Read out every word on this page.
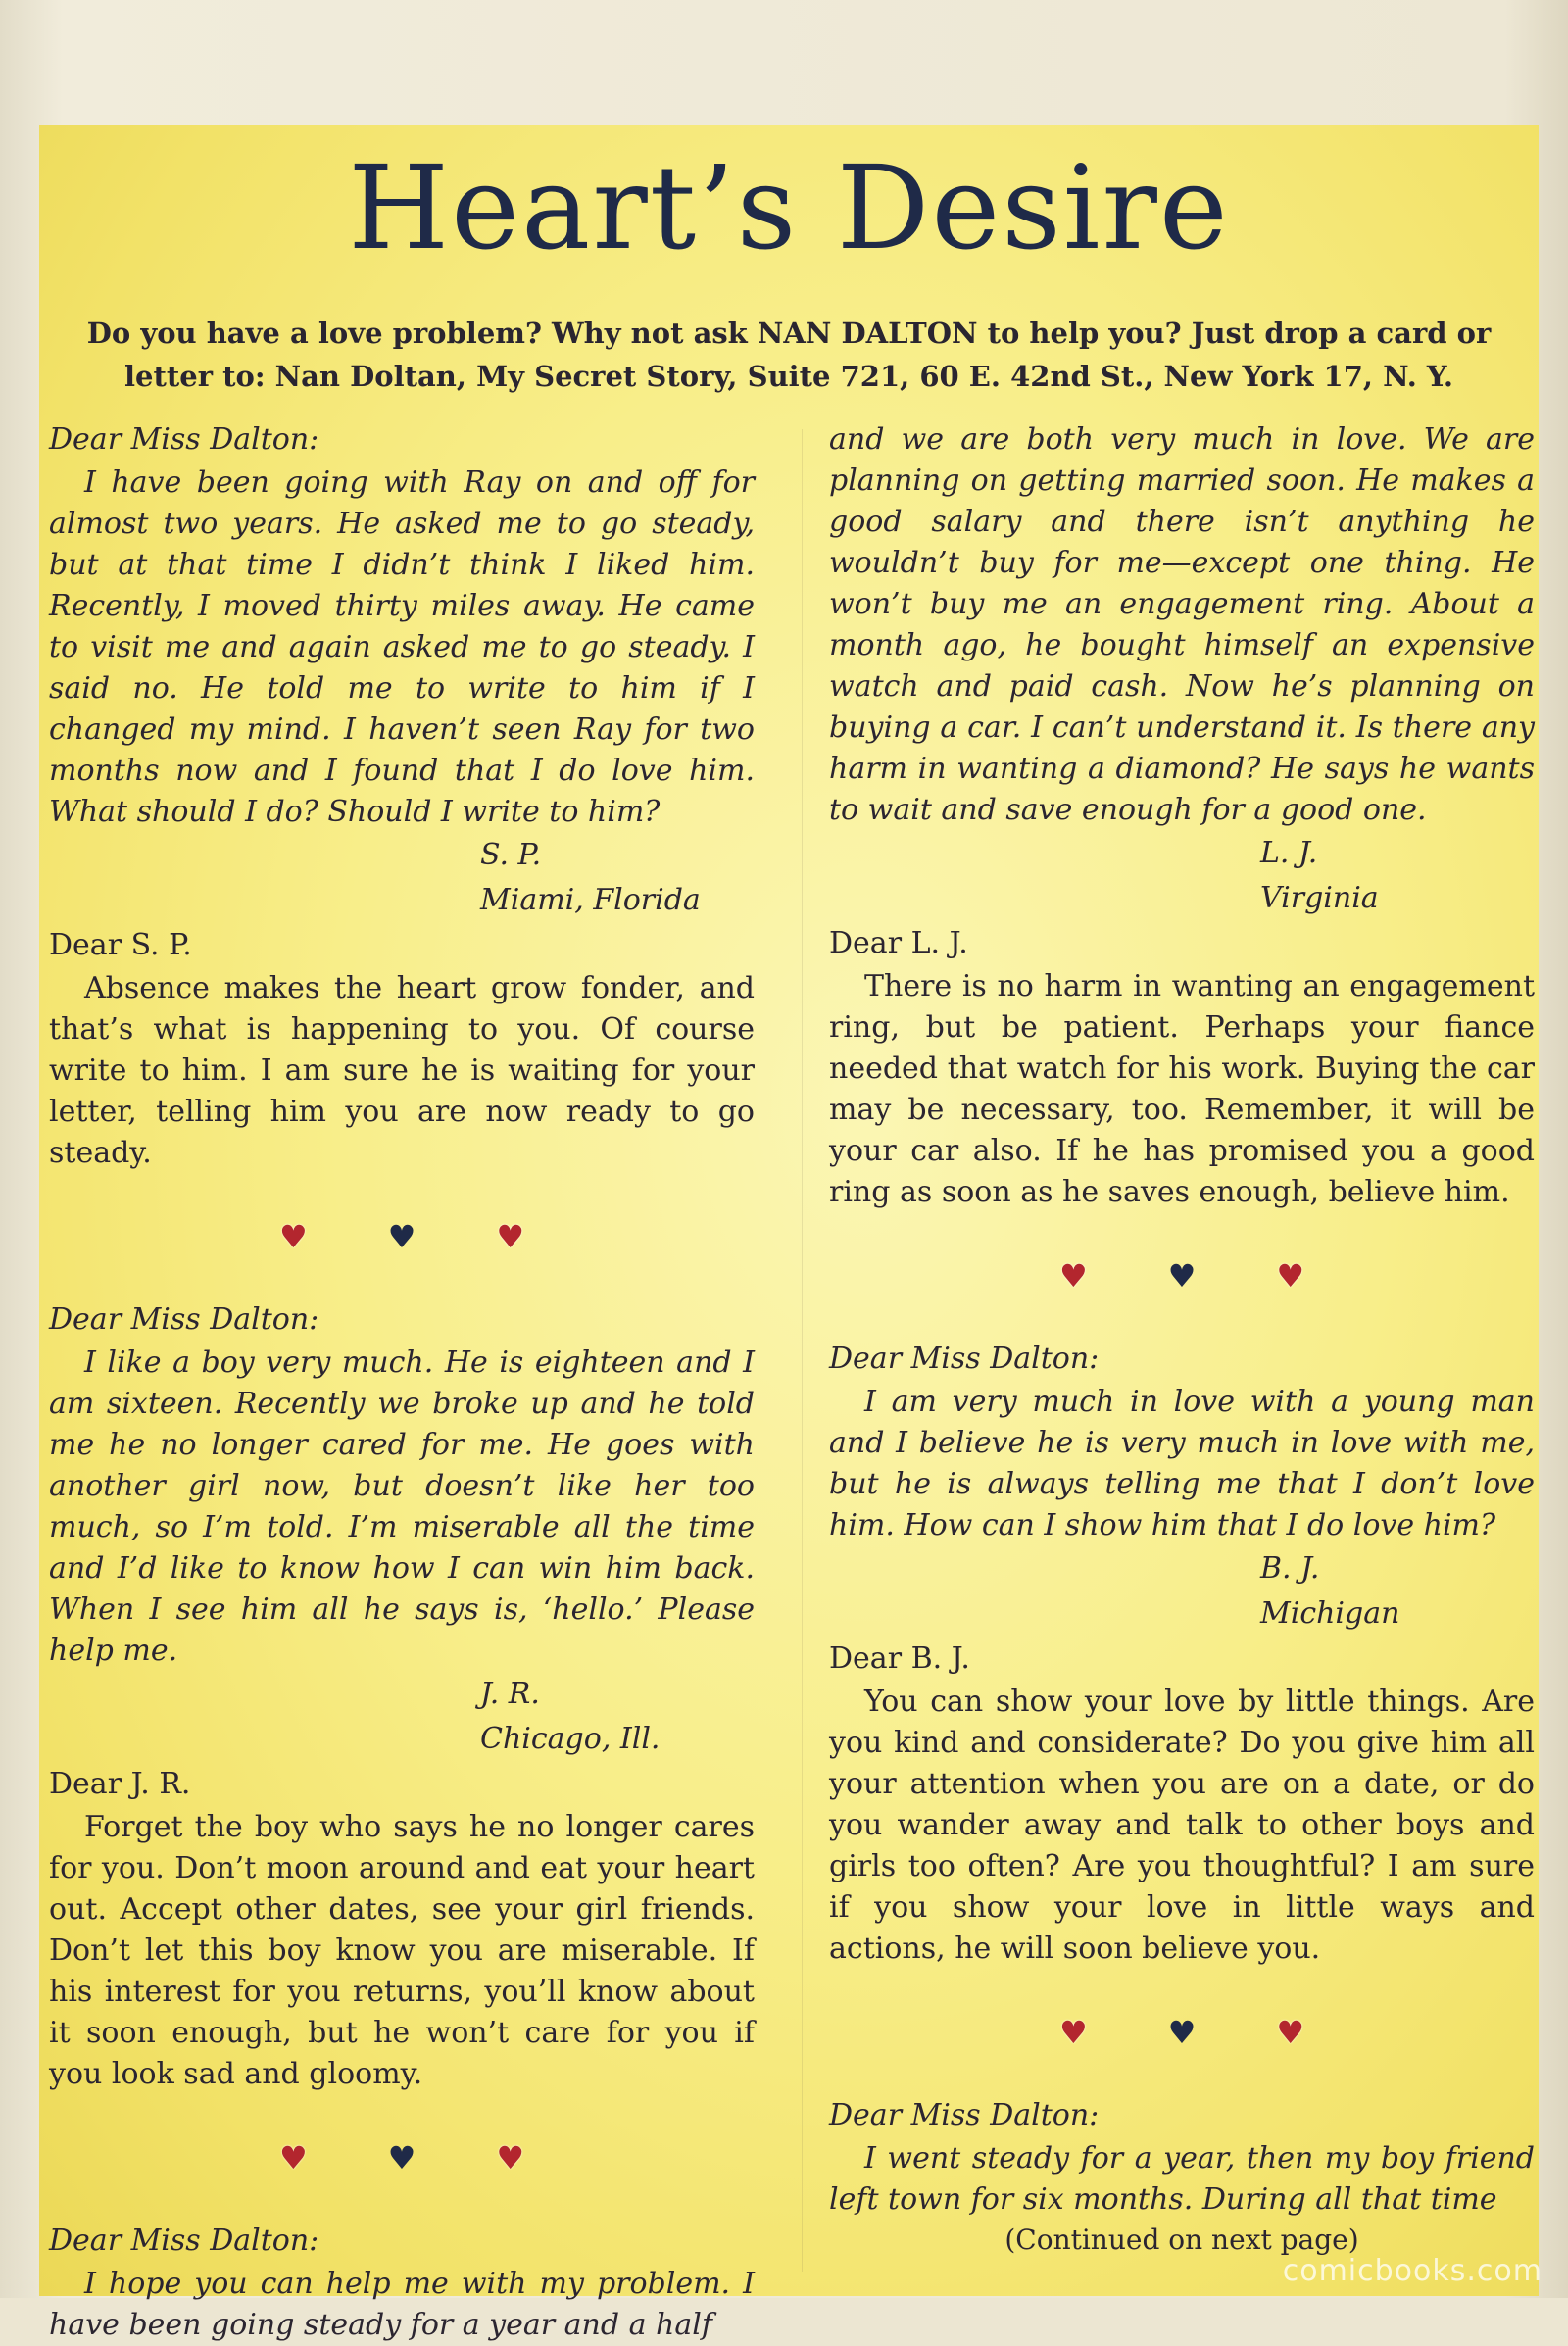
Heart’s Desire
Do you have a love problem? Why not ask NAN DALTON to help you? Just drop a card or letter to: Nan Doltan, My Secret Story, Suite 721, 60 E. 42nd St., New York 17, N. Y.

Dear Miss Dalton:

I have been going with Ray on and off for almost two years. He asked me to go steady, but at that time I didn’t think I liked him. Recently, I moved thirty miles away. He came to visit me and again asked me to go steady. I said no. He told me to write to him if I changed my mind. I haven’t seen Ray for two months now and I found that I do love him. What should I do? Should I write to him?

S. P.

Miami, Florida

Dear S. P.

Absence makes the heart grow fonder, and that’s what is happening to you. Of course write to him. I am sure he is waiting for your letter, telling him you are now ready to go steady.

♥	♥	♥

Dear Miss Dalton:

I like a boy very much. He is eighteen and I am sixteen. Recently we broke up and he told me he no longer cared for me. He goes with another girl now, but doesn’t like her too much, so I’m told. I’m miserable all the time and I’d like to know how I can win him back. When I see him all he says is, ‘hello.’ Please help me.

J. R.

Chicago, Ill.

Dear J. R.

Forget the boy who says he no longer cares for you. Don’t moon around and eat your heart out. Accept other dates, see your girl friends. Don’t let this boy know you are miserable. If his interest for you returns, you’ll know about it soon enough, but he won’t care for you if you look sad and gloomy.

♥	♥	♥

Dear Miss Dalton:

I hope you can help me with my problem. I have been going steady for a year and a half

and we are both very much in love. We are planning on getting married soon. He makes a good salary and there isn’t anything he wouldn’t buy for me—except one thing. He won’t buy me an engagement ring. About a month ago, he bought himself an expensive watch and paid cash. Now he’s planning on buying a car. I can’t understand it. Is there any harm in wanting a diamond? He says he wants to wait and save enough for a good one.

L. J.

Virginia

Dear L. J.

There is no harm in wanting an engagement ring, but be patient. Perhaps your fiance needed that watch for his work. Buying the car may be necessary, too. Remember, it will be your car also. If he has promised you a good ring as soon as he saves enough, believe him.

♥	♥	♥

Dear Miss Dalton:

I am very much in love with a young man and I believe he is very much in love with me, but he is always telling me that I don’t love him. How can I show him that I do love him?

B. J.

Michigan

Dear B. J.

You can show your love by little things. Are you kind and considerate? Do you give him all your attention when you are on a date, or do you wander away and talk to other boys and girls too often? Are you thoughtful? I am sure if you show your love in little ways and actions, he will soon believe you.

♥	♥	♥

Dear Miss Dalton:

I went steady for a year, then my boy friend left town for six months. During all that time

(Continued on next page)

comicbooks.com
